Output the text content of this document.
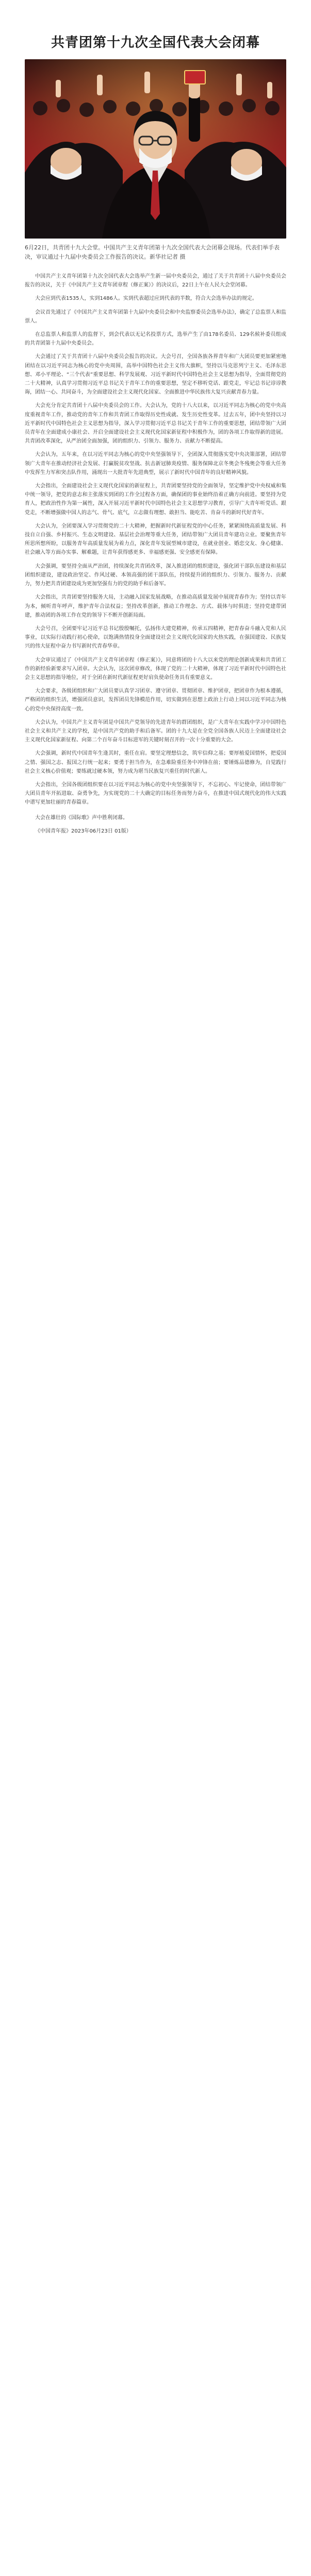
共青团第十九次全国代表大会闭幕
6月22日，共青团十九大会堂。中国共产主义青年团第十九次全国代表大会闭幕会现场。代表们举手表决，审议通过十九届中央委员会工作报告的决议。新华社记者 摄

中国共产主义青年团第十九次全国代表大会选举产生新一届中央委员会，通过了关于共青团十八届中央委员会报告的决议，关于《中国共产主义青年团章程（修正案）》的决议后，22日上午在人民大会堂闭幕。

大会应到代表1535人，实到1486人。实到代表超过应到代表的半数，符合大会选举办法的规定。

会议首先通过了《中国共产主义青年团第十九届中央委员会和中央监察委员会选举办法》，确定了总监票人和监票人。

在总监票人和监票人的监督下，到会代表以无记名投票方式，选举产生了由178名委员、129名候补委员组成的共青团第十九届中央委员会。

大会通过了关于共青团十八届中央委员会报告的决议。大会号召，全国各族各界青年和广大团员要更加紧密地团结在以习近平同志为核心的党中央周围，高举中国特色社会主义伟大旗帜，坚持以马克思列宁主义、毛泽东思想、邓小平理论、“三个代表”重要思想、科学发展观、习近平新时代中国特色社会主义思想为指导，全面贯彻党的二十大精神，认真学习贯彻习近平总书记关于青年工作的重要思想，坚定不移听党话、跟党走，牢记总书记谆谆教诲，团结一心、共同奋斗，为全面建设社会主义现代化国家、全面推进中华民族伟大复兴贡献青春力量。

大会充分肯定共青团十八届中央委员会的工作。大会认为，党的十八大以来，以习近平同志为核心的党中央高度重视青年工作，推动党的青年工作和共青团工作取得历史性成就、发生历史性变革。过去五年，团中央坚持以习近平新时代中国特色社会主义思想为指导，深入学习贯彻习近平总书记关于青年工作的重要思想，团结带领广大团员青年在全面建成小康社会、开启全面建设社会主义现代化国家新征程中积极作为，团的各项工作取得新的进展。共青团改革深化，从严治团全面加强，团的组织力、引领力、服务力、贡献力不断提高。

大会认为，五年来，在以习近平同志为核心的党中央坚强领导下，全团深入贯彻落实党中央决策部署，团结带领广大青年在推动经济社会发展、打赢脱贫攻坚战、抗击新冠肺炎疫情、服务保障北京冬奥会冬残奥会等重大任务中发挥生力军和突击队作用，涌现出一大批青年先进典型，展示了新时代中国青年的良好精神风貌。

大会指出，全面建设社会主义现代化国家的新征程上，共青团要坚持党的全面领导，坚定维护党中央权威和集中统一领导，把党的意志和主张落实到团的工作全过程各方面，确保团的事业始终沿着正确方向前进。要坚持为党育人，把政治性作为第一属性，深入开展习近平新时代中国特色社会主义思想学习教育，引导广大青年听党话、跟党走，不断增强做中国人的志气、骨气、底气，立志做有理想、敢担当、能吃苦、肯奋斗的新时代好青年。

大会认为，全团要深入学习贯彻党的二十大精神，把握新时代新征程党的中心任务，紧紧围绕高质量发展、科技自立自强、乡村振兴、生态文明建设、基层社会治理等重大任务，团结带领广大团员青年建功立业。要聚焦青年所思所想所盼，以服务青年高质量发展为着力点，深化青年发展型城市建设，在就业创业、婚恋交友、身心健康、社会融入等方面办实事、解难题，让青年获得感更多、幸福感更强、安全感更有保障。

大会强调，要坚持全面从严治团，持续深化共青团改革，深入推进团的组织建设，强化团干部队伍建设和基层团组织建设，建设政治坚定、作风过硬、本领高强的团干部队伍，持续提升团的组织力、引领力、服务力、贡献力，努力把共青团建设成为更加坚强有力的党的助手和后备军。

大会指出，共青团要坚持服务大局，主动融入国家发展战略，在推动高质量发展中展现青春作为；坚持以青年为本，倾听青年呼声，维护青年合法权益；坚持改革创新，推动工作理念、方式、载体与时俱进；坚持党建带团建，推动团的各项工作在党的领导下不断开创新局面。

大会号召，全团要牢记习近平总书记殷殷嘱托，弘扬伟大建党精神，传承五四精神，把青春奋斗融入党和人民事业，以实际行动践行初心使命，以饱满热情投身全面建设社会主义现代化国家的火热实践，在强国建设、民族复兴的伟大征程中奋力书写新时代青春华章。

大会审议通过了《中国共产主义青年团章程（修正案）》，同意将团的十八大以来党的理论创新成果和共青团工作的新经验新要求写入团章。大会认为，这次团章修改，体现了党的二十大精神，体现了习近平新时代中国特色社会主义思想的指导地位，对于全团在新时代新征程更好肩负使命任务具有重要意义。

大会要求，各级团组织和广大团员要认真学习团章、遵守团章、贯彻团章、维护团章，把团章作为根本遵循，严格团的组织生活，增强团员意识，发挥团员先锋模范作用，切实做到在思想上政治上行动上同以习近平同志为核心的党中央保持高度一致。

大会认为，中国共产主义青年团是中国共产党领导的先进青年的群团组织，是广大青年在实践中学习中国特色社会主义和共产主义的学校，是中国共产党的助手和后备军。团的十九大是在全党全国各族人民迈上全面建设社会主义现代化国家新征程、向第二个百年奋斗目标进军的关键时刻召开的一次十分重要的大会。

大会强调，新时代中国青年生逢其时，重任在肩。要坚定理想信念，筑牢信仰之基；要厚植爱国情怀，把爱国之情、强国之志、报国之行统一起来；要勇于担当作为，在急难险重任务中冲锋在前；要锤炼品德修为，自觉践行社会主义核心价值观；要练就过硬本领，努力成为堪当民族复兴重任的时代新人。

大会指出，全国各级团组织要在以习近平同志为核心的党中央坚强领导下，不忘初心、牢记使命，团结带领广大团员青年开拓进取、奋勇争先，为实现党的二十大确定的目标任务而努力奋斗，在推进中国式现代化的伟大实践中谱写更加壮丽的青春篇章。

大会在雄壮的《国际歌》声中胜利闭幕。

《中国青年报》2023年06月23日 01版）
